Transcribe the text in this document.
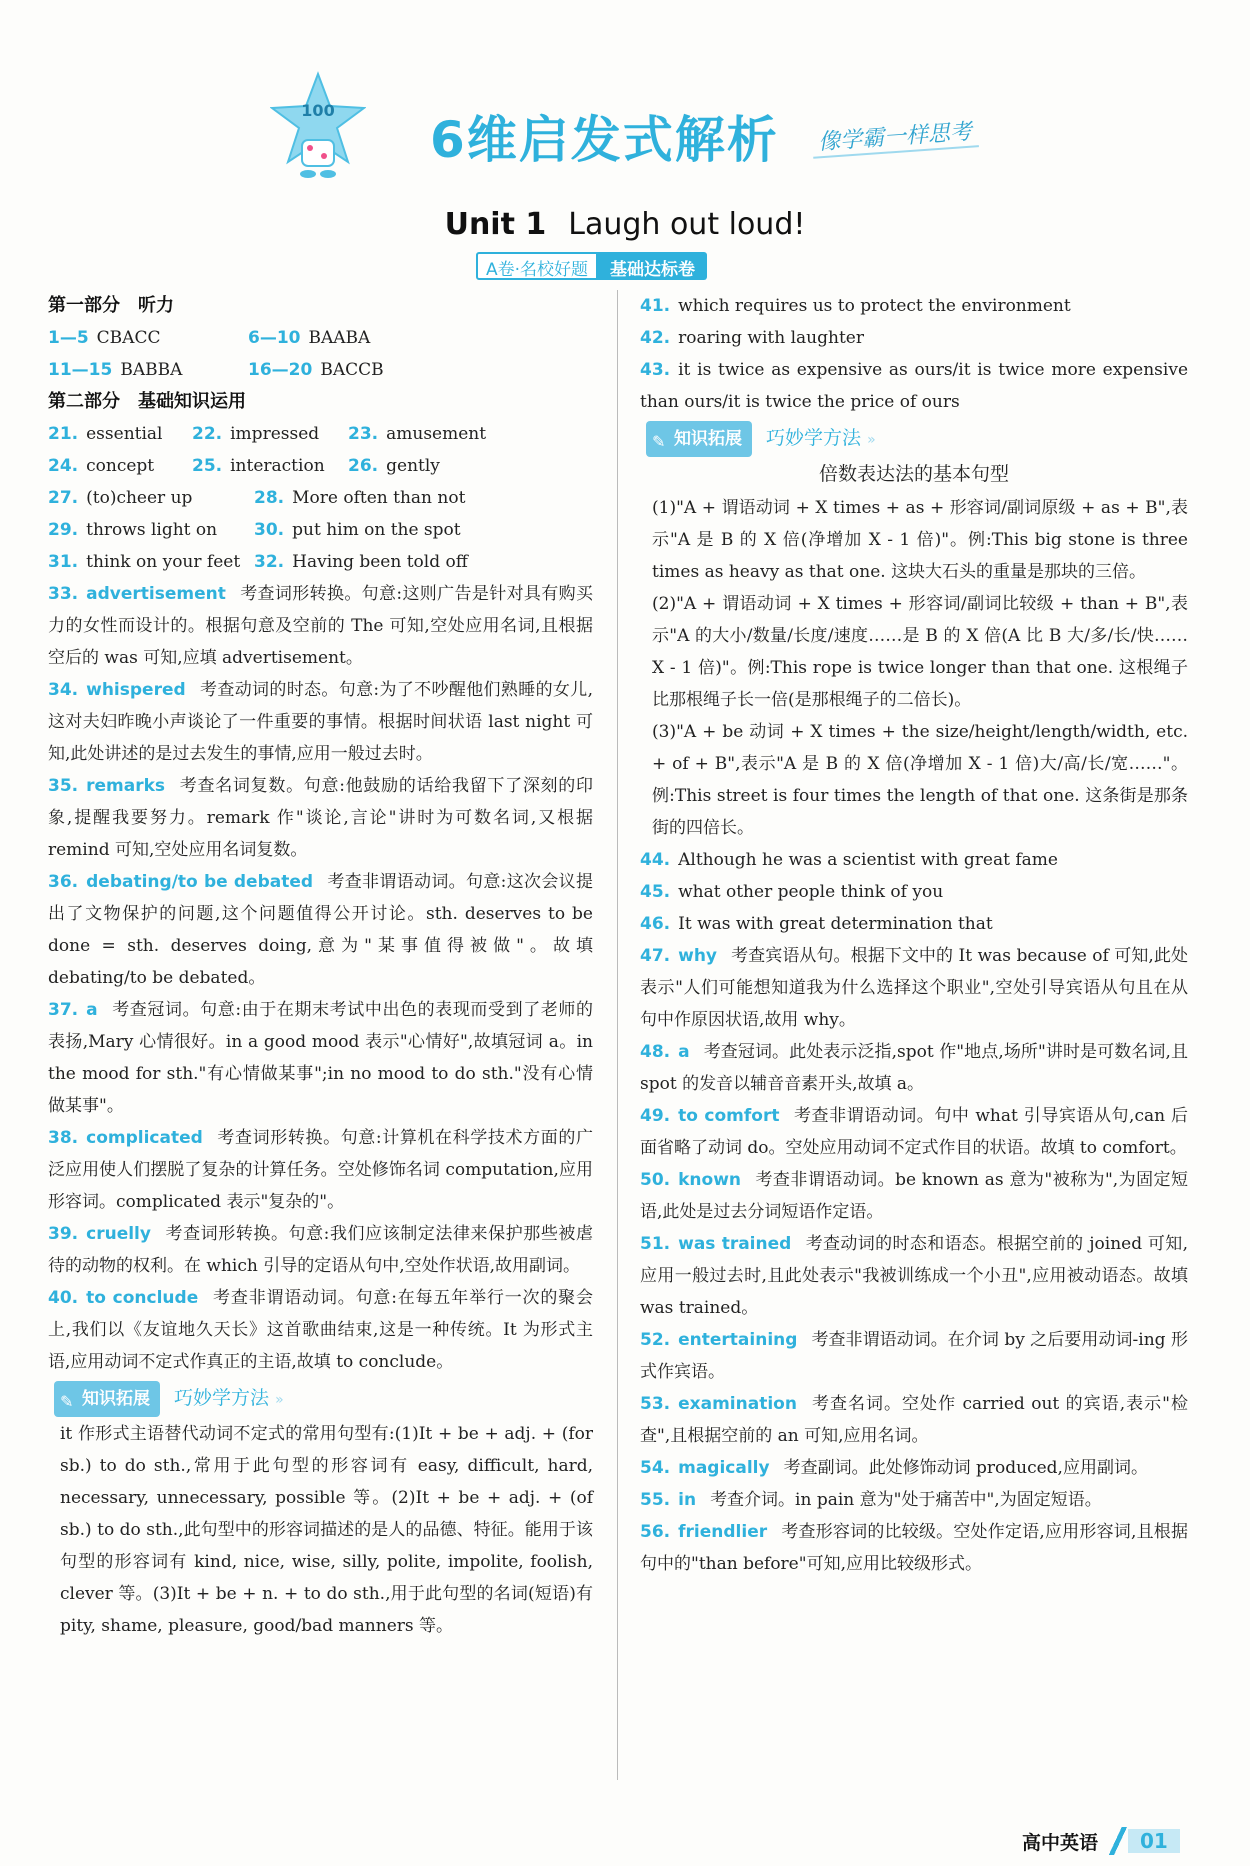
100
6维启发式解析 像学霸一样思考
Unit 1 Laugh out loud!
A卷·名校好题	基础达标卷
第一部分　听力
1—5 CBACC	6—10 BAABA
11—15 BABBA	16—20 BACCB
第二部分　基础知识运用
21. essential	22. impressed	23. amusement
24. concept	25. interaction	26. gently
27. (to)cheer up	28. More often than not
29. throws light on	30. put him on the spot
31. think on your feet 32. Having been told off
33. advertisement 考查词形转换。句意:这则广告是针对具有购买力的女性而设计的。根据句意及空前的 The 可知,空处应用名词,且根据空后的 was 可知,应填 advertisement。
34. whispered 考查动词的时态。句意:为了不吵醒他们熟睡的女儿,这对夫妇昨晚小声谈论了一件重要的事情。根据时间状语 last night 可知,此处讲述的是过去发生的事情,应用一般过去时。
35. remarks 考查名词复数。句意:他鼓励的话给我留下了深刻的印象,提醒我要努力。remark 作"谈论,言论"讲时为可数名词,又根据 remind 可知,空处应用名词复数。
36. debating/to be debated 考查非谓语动词。句意:这次会议提出了文物保护的问题,这个问题值得公开讨论。sth. deserves to be done = sth. deserves doing,意为"某事值得被做"。故填 debating/to be debated。
37. a 考查冠词。句意:由于在期末考试中出色的表现而受到了老师的表扬,Mary 心情很好。in a good mood 表示"心情好",故填冠词 a。in the mood for sth."有心情做某事";in no mood to do sth."没有心情做某事"。
38. complicated 考查词形转换。句意:计算机在科学技术方面的广泛应用使人们摆脱了复杂的计算任务。空处修饰名词 computation,应用形容词。complicated 表示"复杂的"。
39. cruelly 考查词形转换。句意:我们应该制定法律来保护那些被虐待的动物的权利。在 which 引导的定语从句中,空处作状语,故用副词。
40. to conclude 考查非谓语动词。句意:在每五年举行一次的聚会上,我们以《友谊地久天长》这首歌曲结束,这是一种传统。It 为形式主语,应用动词不定式作真正的主语,故填 to conclude。
✎ 知识拓展	巧妙学方法 »
it 作形式主语替代动词不定式的常用句型有:(1)It + be + adj. + (for sb.) to do sth.,常用于此句型的形容词有 easy, difficult, hard, necessary, unnecessary, possible 等。(2)It + be + adj. + (of sb.) to do sth.,此句型中的形容词描述的是人的品德、特征。能用于该句型的形容词有 kind, nice, wise, silly, polite, impolite, foolish, clever 等。(3)It + be + n. + to do sth.,用于此句型的名词(短语)有 pity, shame, pleasure, good/bad manners 等。
41. which requires us to protect the environment
42. roaring with laughter
43. it is twice as expensive as ours/it is twice more expensive than ours/it is twice the price of ours
✎ 知识拓展	巧妙学方法 »
倍数表达法的基本句型
(1)"A + 谓语动词 + X times + as + 形容词/副词原级 + as + B",表示"A 是 B 的 X 倍(净增加 X - 1 倍)"。例:This big stone is three times as heavy as that one. 这块大石头的重量是那块的三倍。
(2)"A + 谓语动词 + X times + 形容词/副词比较级 + than + B",表示"A 的大小/数量/长度/速度……是 B 的 X 倍(A 比 B 大/多/长/快……X - 1 倍)"。例:This rope is twice longer than that one. 这根绳子比那根绳子长一倍(是那根绳子的二倍长)。
(3)"A + be 动词 + X times + the size/height/length/width, etc. + of + B",表示"A 是 B 的 X 倍(净增加 X - 1 倍)大/高/长/宽……"。例:This street is four times the length of that one. 这条街是那条街的四倍长。
44. Although he was a scientist with great fame
45. what other people think of you
46. It was with great determination that
47. why 考查宾语从句。根据下文中的 It was because of 可知,此处表示"人们可能想知道我为什么选择这个职业",空处引导宾语从句且在从句中作原因状语,故用 why。
48. a 考查冠词。此处表示泛指,spot 作"地点,场所"讲时是可数名词,且 spot 的发音以辅音音素开头,故填 a。
49. to comfort 考查非谓语动词。句中 what 引导宾语从句,can 后面省略了动词 do。空处应用动词不定式作目的状语。故填 to comfort。
50. known 考查非谓语动词。be known as 意为"被称为",为固定短语,此处是过去分词短语作定语。
51. was trained 考查动词的时态和语态。根据空前的 joined 可知,应用一般过去时,且此处表示"我被训练成一个小丑",应用被动语态。故填 was trained。
52. entertaining 考查非谓语动词。在介词 by 之后要用动词-ing 形式作宾语。
53. examination 考查名词。空处作 carried out 的宾语,表示"检查",且根据空前的 an 可知,应用名词。
54. magically 考查副词。此处修饰动词 produced,应用副词。
55. in 考查介词。in pain 意为"处于痛苦中",为固定短语。
56. friendlier 考查形容词的比较级。空处作定语,应用形容词,且根据句中的"than before"可知,应用比较级形式。
高中英语	01
